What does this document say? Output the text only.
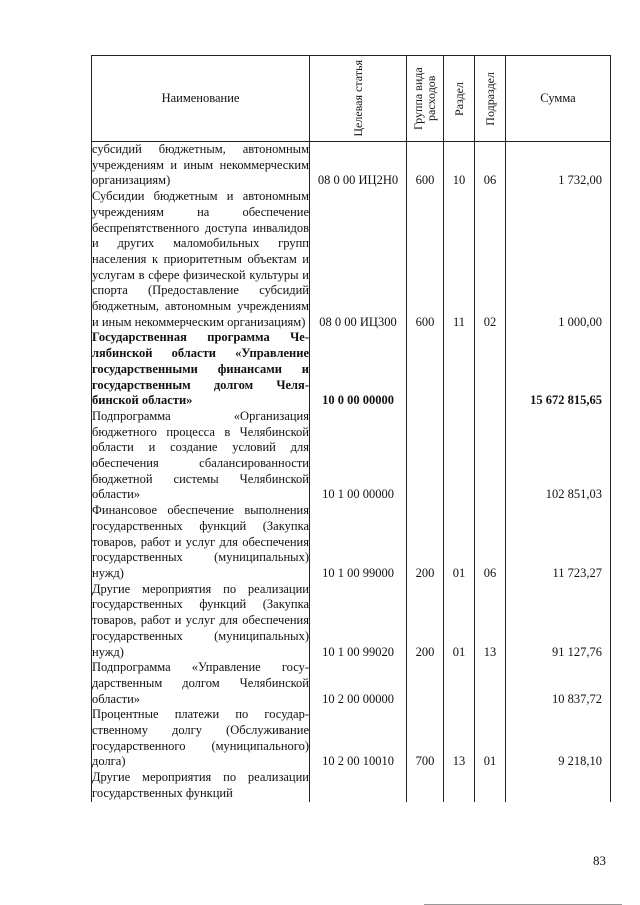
Наименование	Целевая статья	Группа вида расходов	Раздел	Подраздел	Сумма

субсидий бюджетным, автономным учреждениям и иным некоммерческим организациям)	08 0 00 ИЦ2Н0	600	10	06	1 732,00

Субсидии бюджетным и автономным учреждениям на обеспечение беспрепятственного доступа инвалидов и других маломобильных групп населения к приоритетным объектам и услугам в сфере физической культуры и спорта (Предоставление субсидий бюджетным, автономным учреждениям и иным некоммерческим организациям)	08 0 00 ИЦ300	600	11	02	1 000,00

Государственная программа Челябинской области «Управление государственными финансами и государственным долгом Челябинской области»	10 0 00 00000				15 672 815,65

Подпрограмма «Организация бюджетного процесса в Челябинской области и создание условий для обеспечения сбалансированности бюджетной системы Челябинской области»	10 1 00 00000				102 851,03

Финансовое обеспечение выполнения государственных функций (Закупка товаров, работ и услуг для обеспечения государственных (муниципальных) нужд)	10 1 00 99000	200	01	06	11 723,27

Другие мероприятия по реализации государственных функций (Закупка товаров, работ и услуг для обеспечения государственных (муниципальных) нужд)	10 1 00 99020	200	01	13	91 127,76

Подпрограмма «Управление государственным долгом Челябинской области»	10 2 00 00000				10 837,72

Процентные платежи по государственному долгу (Обслуживание государственного (муниципального) долга)	10 2 00 10010	700	13	01	9 218,10

Другие мероприятия по реализации государственных функций					

83
